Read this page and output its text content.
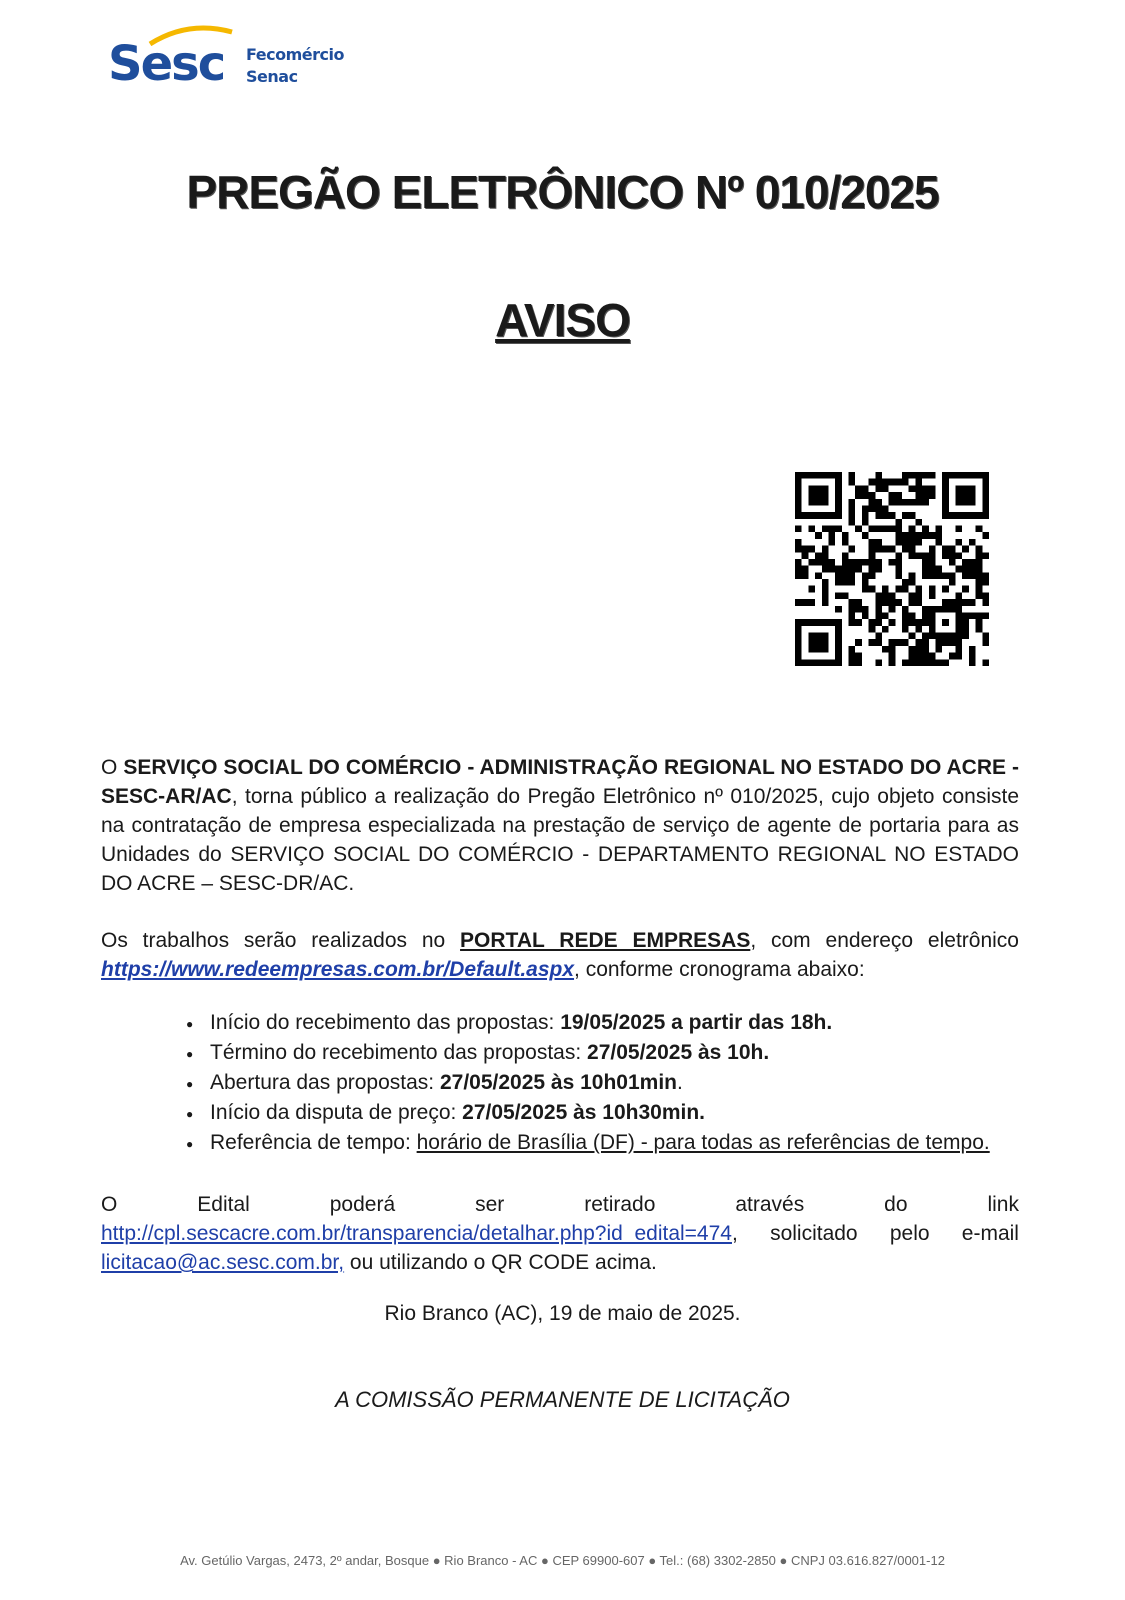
Sesc Fecomércio
Senac
PREGÃO ELETRÔNICO Nº 010/2025
AVISO
O SERVIÇO SOCIAL DO COMÉRCIO - ADMINISTRAÇÃO REGIONAL NO ESTADO DO ACRE - SESC-AR/AC, torna público a realização do Pregão Eletrônico nº 010/2025, cujo objeto consiste na contratação de empresa especializada na prestação de serviço de agente de portaria para as Unidades do SERVIÇO SOCIAL DO COMÉRCIO - DEPARTAMENTO REGIONAL NO ESTADO DO ACRE – SESC-DR/AC.
Os trabalhos serão realizados no PORTAL REDE EMPRESAS, com endereço eletrônico https://www.redeempresas.com.br/Default.aspx, conforme cronograma abaixo:
● Início do recebimento das propostas: 19/05/2025 a partir das 18h.
● Término do recebimento das propostas: 27/05/2025 às 10h.
● Abertura das propostas: 27/05/2025 às 10h01min.
● Início da disputa de preço: 27/05/2025 às 10h30min.
● Referência de tempo: horário de Brasília (DF) - para todas as referências de tempo.
O	Edital	poderá	ser	retirado	através	do	link
http://cpl.sescacre.com.br/transparencia/detalhar.php?id_edital=474, solicitado pelo e-mail
licitacao@ac.sesc.com.br, ou utilizando o QR CODE acima.
Rio Branco (AC), 19 de maio de 2025.
A COMISSÃO PERMANENTE DE LICITAÇÃO
Av. Getúlio Vargas, 2473, 2º andar, Bosque ● Rio Branco - AC ● CEP 69900-607 ● Tel.: (68) 3302-2850 ● CNPJ 03.616.827/0001-12
